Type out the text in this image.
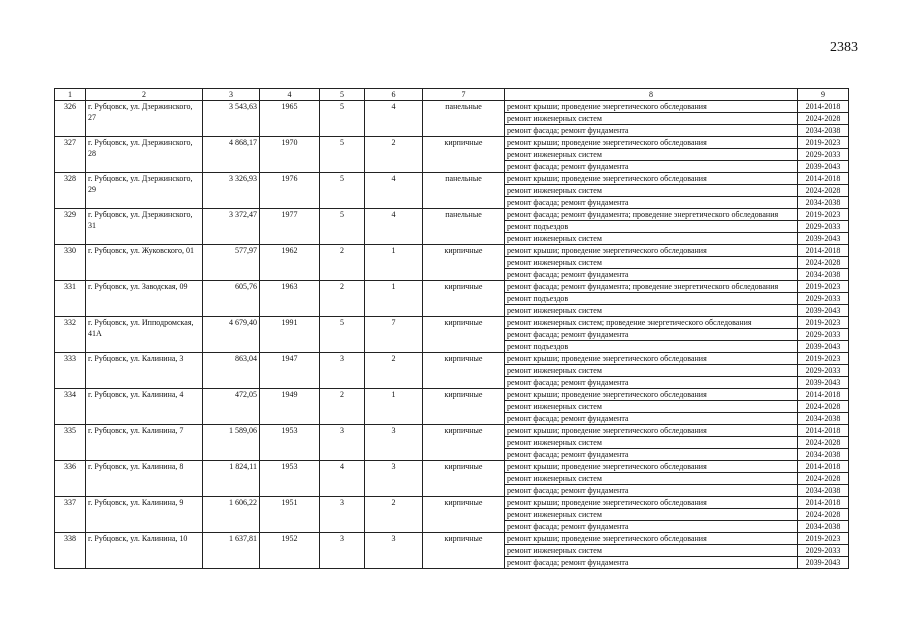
2383
1	2	3	4	5	6	7	8	9
326	г. Рубцовск, ул. Дзержинского, 27	3 543,63	1965	5	4	панельные	ремонт крыши; проведение энергетического обследования	2014-2018
							ремонт инженерных систем	2024-2028
							ремонт фасада; ремонт фундамента	2034-2038
327	г. Рубцовск, ул. Дзержинского, 28	4 868,17	1970	5	2	кирпичные	ремонт крыши; проведение энергетического обследования	2019-2023
							ремонт инженерных систем	2029-2033
							ремонт фасада; ремонт фундамента	2039-2043
328	г. Рубцовск, ул. Дзержинского, 29	3 326,93	1976	5	4	панельные	ремонт крыши; проведение энергетического обследования	2014-2018
							ремонт инженерных систем	2024-2028
							ремонт фасада; ремонт фундамента	2034-2038
329	г. Рубцовск, ул. Дзержинского, 31	3 372,47	1977	5	4	панельные	ремонт фасада; ремонт фундамента; проведение энергетического обследования	2019-2023
							ремонт подъездов	2029-2033
							ремонт инженерных систем	2039-2043
330	г. Рубцовск, ул. Жуковского, 01	577,97	1962	2	1	кирпичные	ремонт крыши; проведение энергетического обследования	2014-2018
							ремонт инженерных систем	2024-2028
							ремонт фасада; ремонт фундамента	2034-2038
331	г. Рубцовск, ул. Заводская, 09	605,76	1963	2	1	кирпичные	ремонт фасада; ремонт фундамента; проведение энергетического обследования	2019-2023
							ремонт подъездов	2029-2033
							ремонт инженерных систем	2039-2043
332	г. Рубцовск, ул. Ипподромская, 41А	4 679,40	1991	5	7	кирпичные	ремонт инженерных систем; проведение энергетического обследования	2019-2023
							ремонт фасада; ремонт фундамента	2029-2033
							ремонт подъездов	2039-2043
333	г. Рубцовск, ул. Калинина, 3	863,04	1947	3	2	кирпичные	ремонт крыши; проведение энергетического обследования	2019-2023
							ремонт инженерных систем	2029-2033
							ремонт фасада; ремонт фундамента	2039-2043
334	г. Рубцовск, ул. Калинина, 4	472,05	1949	2	1	кирпичные	ремонт крыши; проведение энергетического обследования	2014-2018
							ремонт инженерных систем	2024-2028
							ремонт фасада; ремонт фундамента	2034-2038
335	г. Рубцовск, ул. Калинина, 7	1 589,06	1953	3	3	кирпичные	ремонт крыши; проведение энергетического обследования	2014-2018
							ремонт инженерных систем	2024-2028
							ремонт фасада; ремонт фундамента	2034-2038
336	г. Рубцовск, ул. Калинина, 8	1 824,11	1953	4	3	кирпичные	ремонт крыши; проведение энергетического обследования	2014-2018
							ремонт инженерных систем	2024-2028
							ремонт фасада; ремонт фундамента	2034-2038
337	г. Рубцовск, ул. Калинина, 9	1 606,22	1951	3	2	кирпичные	ремонт крыши; проведение энергетического обследования	2014-2018
							ремонт инженерных систем	2024-2028
							ремонт фасада; ремонт фундамента	2034-2038
338	г. Рубцовск, ул. Калинина, 10	1 637,81	1952	3	3	кирпичные	ремонт крыши; проведение энергетического обследования	2019-2023
							ремонт инженерных систем	2029-2033
							ремонт фасада; ремонт фундамента	2039-2043
